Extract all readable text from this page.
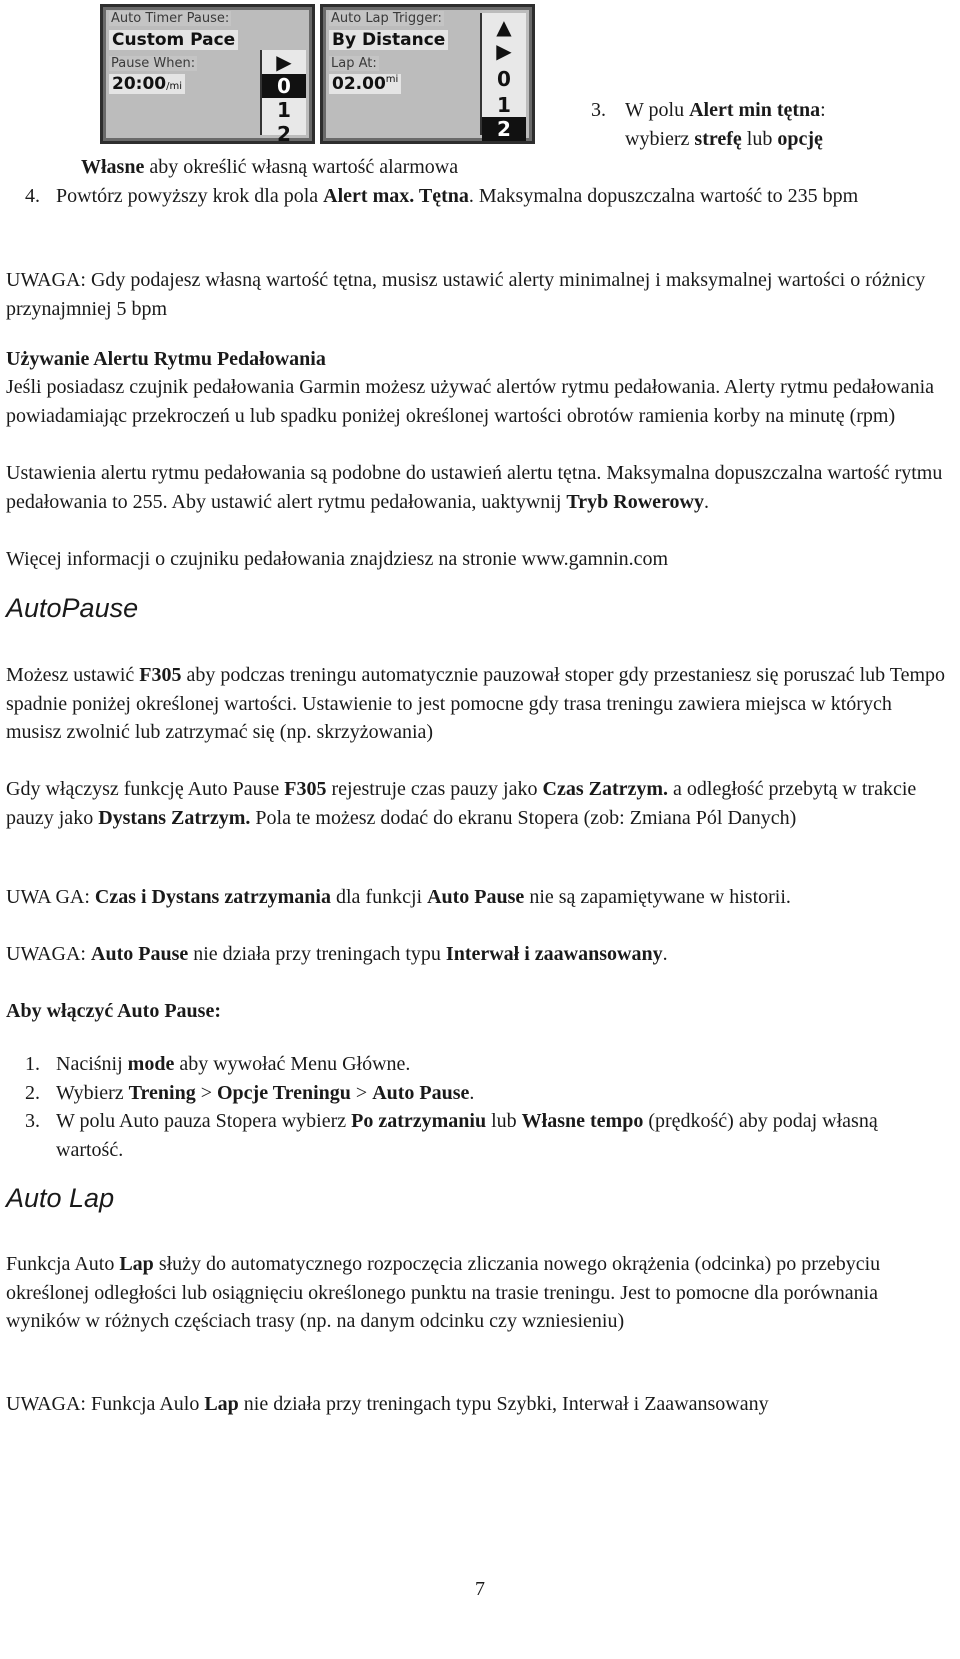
Auto Timer Pause:
Custom Pace
Pause When:
20:00/mi
▶
0
1
2
Auto Lap Trigger:
By Distance
Lap At:
$02.00^{mi}$
▲
▶
0
1
2
3. W polu Alert min tętna:
wybierz strefę lub opcję
Własne aby określić własną wartość alarmowa
4. Powtórz powyższy krok dla pola Alert max. Tętna. Maksymalna dopuszczalna wartość to 235 bpm

UWAGA: Gdy podajesz własną wartość tętna, musisz ustawić alerty minimalnej i maksymalnej wartości o różnicy przynajmniej 5 bpm

Używanie Alertu Rytmu Pedałowania

Jeśli posiadasz czujnik pedałowania Garmin możesz używać alertów rytmu pedałowania. Alerty rytmu pedałowania powiadamiając przekroczeń u lub spadku poniżej określonej wartości obrotów ramienia korby na minutę (rpm)

Ustawienia alertu rytmu pedałowania są podobne do ustawień alertu tętna. Maksymalna dopuszczalna wartość rytmu pedałowania to 255. Aby ustawić alert rytmu pedałowania, uaktywnij Tryb Rowerowy.

Więcej informacji o czujniku pedałowania znajdziesz na stronie www.gamnin.com

AutoPause

Możesz ustawić F305 aby podczas treningu automatycznie pauzował stoper gdy przestaniesz się poruszać lub Tempo spadnie poniżej określonej wartości. Ustawienie to jest pomocne gdy trasa treningu zawiera miejsca w których musisz zwolnić lub zatrzymać się (np. skrzyżowania)

Gdy włączysz funkcję Auto Pause F305 rejestruje czas pauzy jako Czas Zatrzym. a odległość przebytą w trakcie pauzy jako Dystans Zatrzym. Pola te możesz dodać do ekranu Stopera (zob: Zmiana Pól Danych)

UWA GA: Czas i Dystans zatrzymania dla funkcji Auto Pause nie są zapamiętywane w historii.

UWAGA: Auto Pause nie działa przy treningach typu Interwał i zaawansowany.

Aby włączyć Auto Pause:

1. Naciśnij mode aby wywołać Menu Główne.
2. Wybierz Trening > Opcje Treningu > Auto Pause.
3. W polu Auto pauza Stopera wybierz Po zatrzymaniu lub Własne tempo (prędkość) aby podaj własną wartość.
Auto Lap

Funkcja Auto Lap służy do automatycznego rozpoczęcia zliczania nowego okrążenia (odcinka) po przebyciu określonej odległości lub osiągnięciu określonego punktu na trasie treningu. Jest to pomocne dla porównania wyników w różnych częściach trasy (np. na danym odcinku czy wzniesieniu)

UWAGA: Funkcja Aulo Lap nie działa przy treningach typu Szybki, Interwał i Zaawansowany

7
